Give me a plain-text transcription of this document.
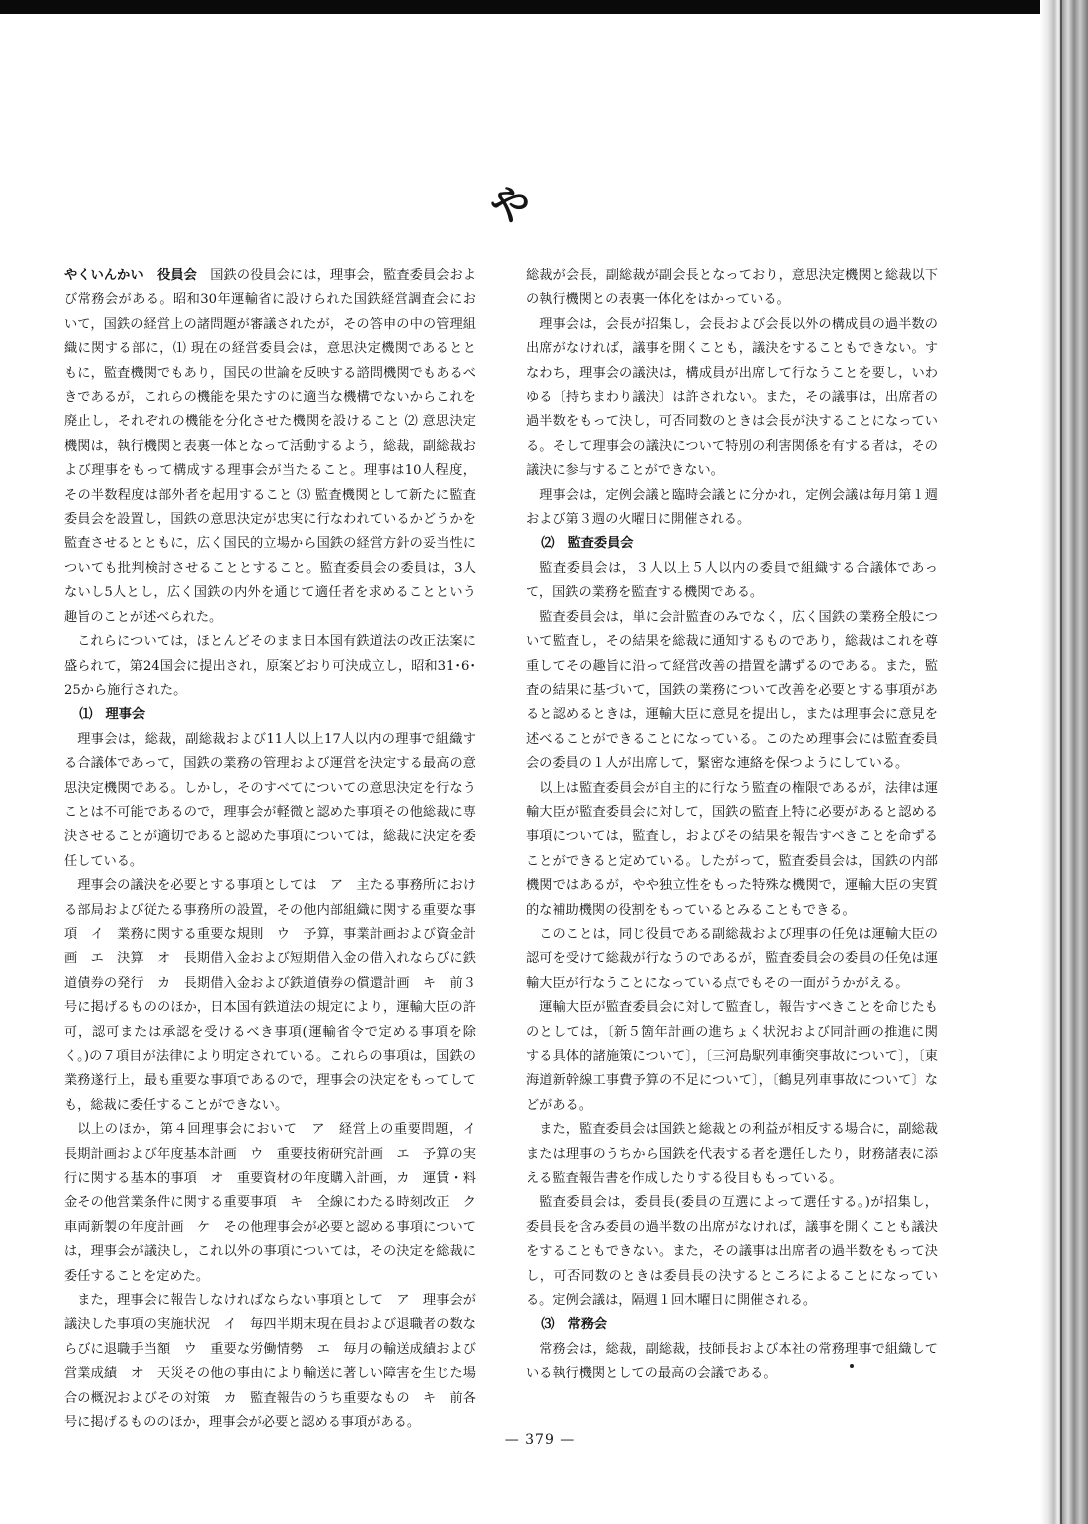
や

やくいんかい　 役員会　 国鉄の役員会には，理事会，監査委員会および常務会がある。昭和30年運輸省に設けられた国鉄経営調査会において，国鉄の経営上の諸問題が審議されたが，その答申の中の管理組織に関する部に，⑴ 現在の経営委員会は，意思決定機関であるとともに，監査機関でもあり，国民の世論を反映する諮問機関でもあるべきであるが，これらの機能を果たすのに適当な機構でないからこれを廃止し，それぞれの機能を分化させた機関を設けること ⑵ 意思決定機関は，執行機関と表裏一体となって活動するよう，総裁，副総裁および理事をもって構成する理事会が当たること。理事は10人程度，その半数程度は部外者を起用すること ⑶ 監査機関として新たに監査委員会を設置し，国鉄の意思決定が忠実に行なわれているかどうかを監査させるとともに，広く国民的立場から国鉄の経営方針の妥当性についても批判検討させることとすること。監査委員会の委員は，3人ないし5人とし，広く国鉄の内外を通じて適任者を求めることという趣旨のことが述べられた。

これらについては，ほとんどそのまま日本国有鉄道法の改正法案に盛られて，第24国会に提出され，原案どおり可決成立し，昭和31･6･25から施行された。

⑴　理事会

理事会は，総裁，副総裁および11人以上17人以内の理事で組織する合議体であって，国鉄の業務の管理および運営を決定する最高の意思決定機関である。しかし，そのすべてについての意思決定を行なうことは不可能であるので，理事会が軽微と認めた事項その他総裁に専決させることが適切であると認めた事項については，総裁に決定を委任している。

理事会の議決を必要とする事項としては　ア　主たる事務所における部局および従たる事務所の設置，その他内部組織に関する重要な事項　イ　業務に関する重要な規則　ウ　予算，事業計画および資金計画　エ　決算　オ　長期借入金および短期借入金の借入れならびに鉄道債券の発行　カ　長期借入金および鉄道債券の償還計画　キ　前３号に掲げるもののほか，日本国有鉄道法の規定により，運輸大臣の許可，認可または承認を受けるべき事項(運輸省令で定める事項を除く。)の７項目が法律により明定されている。これらの事項は，国鉄の業務遂行上，最も重要な事項であるので，理事会の決定をもってしても，総裁に委任することができない。

以上のほか，第４回理事会において　ア　経営上の重要問題，イ　長期計画および年度基本計画　ウ　重要技術研究計画　エ　予算の実行に関する基本的事項　オ　重要資材の年度購入計画，カ　運賃・料金その他営業条件に関する重要事項　キ　全線にわたる時刻改正　ク　車両新製の年度計画　ケ　その他理事会が必要と認める事項については，理事会が議決し，これ以外の事項については，その決定を総裁に委任することを定めた。

また，理事会に報告しなければならない事項として　ア　理事会が議決した事項の実施状況　イ　毎四半期末現在員および退職者の数ならびに退職手当額　ウ　重要な労働情勢　エ　毎月の輸送成績および営業成績　オ　天災その他の事由により輸送に著しい障害を生じた場合の概況およびその対策　カ　監査報告のうち重要なもの　キ　前各号に掲げるもののほか，理事会が必要と認める事項がある。

総裁が会長，副総裁が副会長となっており，意思決定機関と総裁以下の執行機関との表裏一体化をはかっている。

理事会は，会長が招集し，会長および会長以外の構成員の過半数の出席がなければ，議事を開くことも，議決をすることもできない。すなわち，理事会の議決は，構成員が出席して行なうことを要し，いわゆる〔持ちまわり議決〕は許されない。また，その議事は，出席者の過半数をもって決し，可否同数のときは会長が決することになっている。そして理事会の議決について特別の利害関係を有する者は，その議決に参与することができない。

理事会は，定例会議と臨時会議とに分かれ，定例会議は毎月第１週および第３週の火曜日に開催される。

⑵　監査委員会

監査委員会は，３人以上５人以内の委員で組織する合議体であって，国鉄の業務を監査する機関である。

監査委員会は，単に会計監査のみでなく，広く国鉄の業務全般について監査し，その結果を総裁に通知するものであり，総裁はこれを尊重してその趣旨に沿って経営改善の措置を講ずるのである。また，監査の結果に基づいて，国鉄の業務について改善を必要とする事項があると認めるときは，運輸大臣に意見を提出し，または理事会に意見を述べることができることになっている。このため理事会には監査委員会の委員の１人が出席して，緊密な連絡を保つようにしている。

以上は監査委員会が自主的に行なう監査の権限であるが，法律は運輸大臣が監査委員会に対して，国鉄の監査上特に必要があると認める事項については，監査し，およびその結果を報告すべきことを命ずることができると定めている。したがって，監査委員会は，国鉄の内部機関ではあるが，やや独立性をもった特殊な機関で，運輸大臣の実質的な補助機関の役割をもっているとみることもできる。

このことは，同じ役員である副総裁および理事の任免は運輸大臣の認可を受けて総裁が行なうのであるが，監査委員会の委員の任免は運輸大臣が行なうことになっている点でもその一面がうかがえる。

運輸大臣が監査委員会に対して監査し，報告すべきことを命じたものとしては，〔新５箇年計画の進ちょく状況および同計画の推進に関する具体的諸施策について〕，〔三河島駅列車衝突事故について〕，〔東海道新幹線工事費予算の不足について〕，〔鶴見列車事故について〕などがある。

また，監査委員会は国鉄と総裁との利益が相反する場合に，副総裁または理事のうちから国鉄を代表する者を選任したり，財務諸表に添える監査報告書を作成したりする役目ももっている。

監査委員会は，委員長(委員の互選によって選任する。)が招集し，委員長を含み委員の過半数の出席がなければ，議事を開くことも議決をすることもできない。また，その議事は出席者の過半数をもって決し，可否同数のときは委員長の決するところによることになっている。定例会議は，隔週１回木曜日に開催される。

⑶　常務会

常務会は，総裁，副総裁，技師長および本社の常務理事で組織している執行機関としての最高の会議である。

— 379 —
